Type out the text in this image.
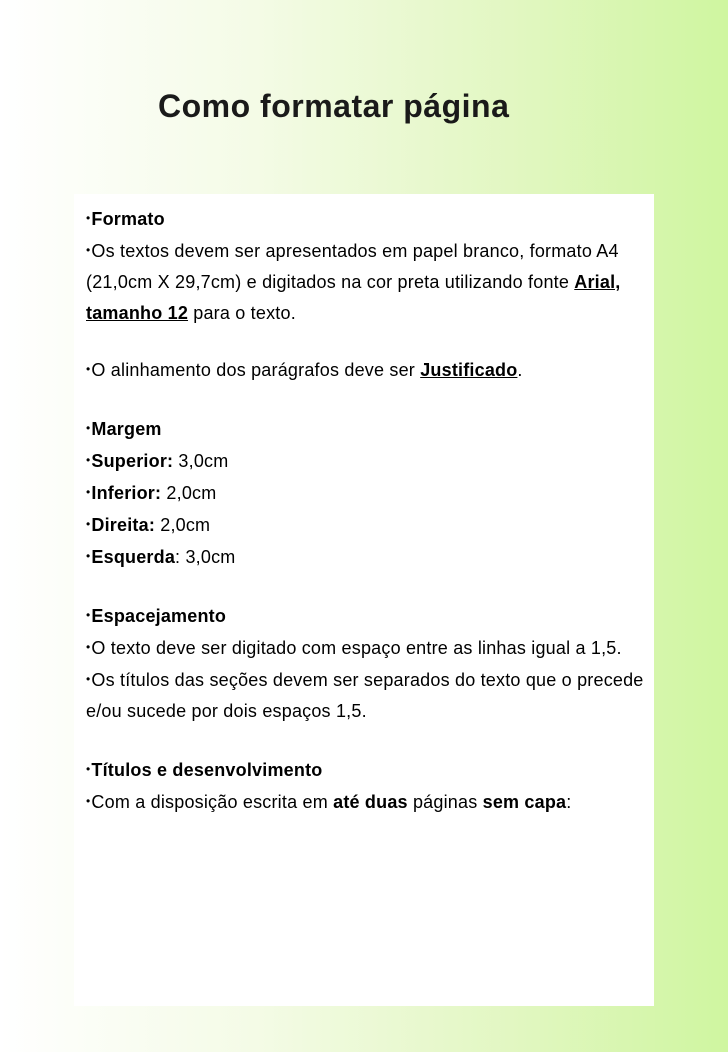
Como formatar página

•Formato

•Os textos devem ser apresentados em papel branco, formato A4 (21,0cm X 29,7cm) e digitados na cor preta utilizando fonte Arial, tamanho 12 para o texto.

•O alinhamento dos parágrafos deve ser Justificado.

•Margem

•Superior: 3,0cm

•Inferior: 2,0cm

•Direita: 2,0cm

•Esquerda: 3,0cm

•Espacejamento

•O texto deve ser digitado com espaço entre as linhas igual a 1,5.

•Os títulos das seções devem ser separados do texto que o precede e/ou sucede por dois espaços 1,5.

•Títulos e desenvolvimento

•Com a disposição escrita em até duas páginas sem capa:
